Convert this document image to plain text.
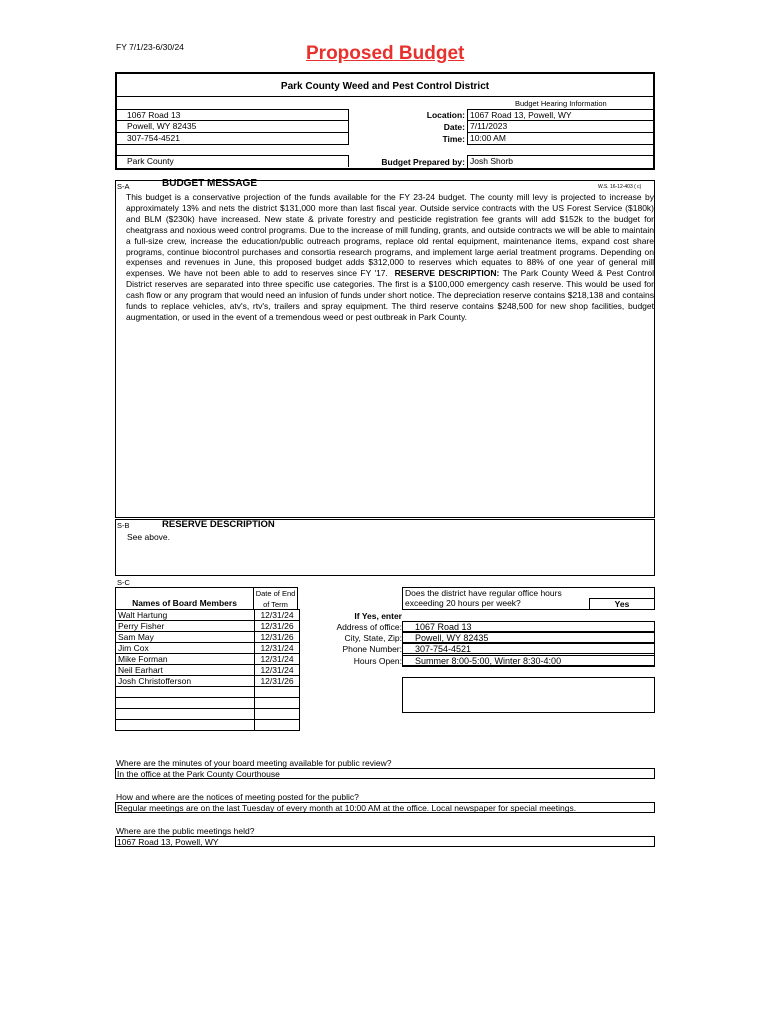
FY 7/1/23-6/30/24	Proposed Budget
Park County Weed and Pest Control District
Budget Hearing Information
1067 Road 13
Powell, WY 82435
307-754-4521
Park County
Location: 1067 Road 13, Powell, WY
Date: 7/11/2023
Time: 10:00 AM
Budget Prepared by: Josh Shorb
S-A	BUDGET MESSAGE	W.S. 16-12-403 ( c)
This budget is a conservative projection of the funds available for the FY 23-24 budget. The county mill levy is projected to increase by approximately 13% and nets the district $131,000 more than last fiscal year. Outside service contracts with the US Forest Service ($180k) and BLM ($230k) have increased. New state & private forestry and pesticide registration fee grants will add $152k to the budget for cheatgrass and noxious weed control programs. Due to the increase of mill funding, grants, and outside contracts we will be able to maintain a full-size crew, increase the education/public outreach programs, replace old rental equipment, maintenance items, expand cost share programs, continue biocontrol purchases and consortia research programs, and implement large aerial treatment programs. Depending on expenses and revenues in June, this proposed budget adds $312,000 to reserves which equates to 88% of one year of general mill expenses. We have not been able to add to reserves since FY '17. RESERVE DESCRIPTION: The Park County Weed & Pest Control District reserves are separated into three specific use categories. The first is a $100,000 emergency cash reserve. This would be used for cash flow or any program that would need an infusion of funds under short notice. The depreciation reserve contains $218,138 and contains funds to replace vehicles, atv's, rtv's, trailers and spray equipment. The third reserve contains $248,500 for new shop facilities, budget augmentation, or used in the event of a tremendous weed or pest outbreak in Park County.
S-B	RESERVE DESCRIPTION
See above.
S-C
Names of Board Members
Date of End
of Term
Walt Hartung	12/31/24
Perry Fisher	12/31/26
Sam May	12/31/26
Jim Cox	12/31/24
Mike Forman	12/31/24
Neil Earhart	12/31/24
Josh Christofferson	12/31/26

Does the district have regular office hours exceeding 20 hours per week?	Yes
If Yes, enter
Address of office:	1067 Road 13
City, State, Zip:	Powell, WY 82435
Phone Number:	307-754-4521
Hours Open:	Summer 8:00-5:00, Winter 8:30-4:00
Where are the minutes of your board meeting available for public review?
In the office at the Park County Courthouse
How and where are the notices of meeting posted for the public?
Regular meetings are on the last Tuesday of every month at 10:00 AM at the office. Local newspaper for special meetings.
Where are the public meetings held?
1067 Road 13, Powell, WY
